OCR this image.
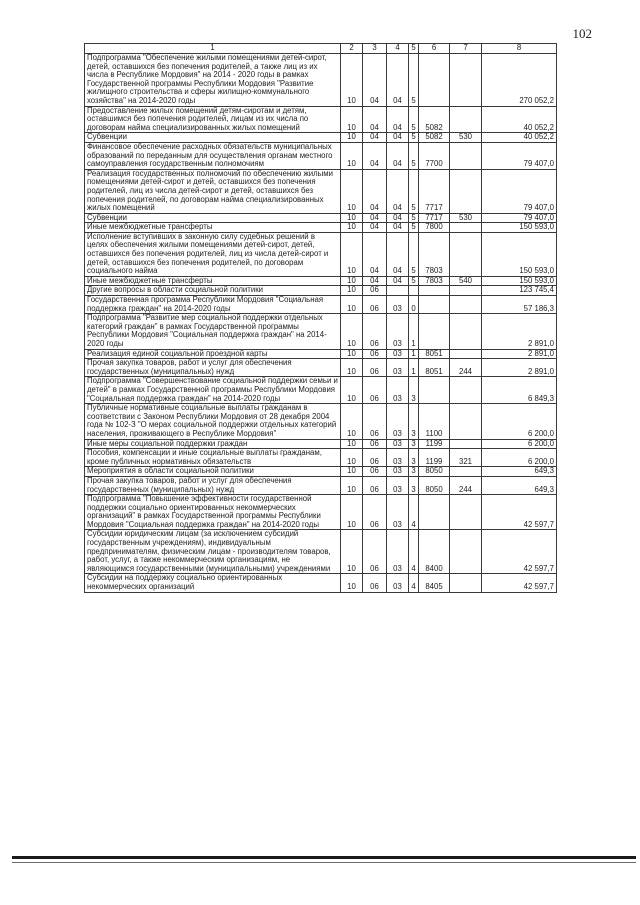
102
1	2	3	4	5	6	7	8
Подпрограмма "Обеспечение жилыми помещениями детей-сирот, детей, оставшихся без попечения родителей, а также лиц из их числа в Республике Мордовия" на 2014 - 2020 годы в рамках Государственной программы Республики Мордовия "Развитие жилищного строительства и сферы жилищно-коммунального хозяйства" на 2014-2020 годы	10	04	04	5			270 052,2
Предоставление жилых помещений детям-сиротам и детям, оставшимся без попечения родителей, лицам из их числа по договорам найма специализированных жилых помещений	10	04	04	5	5082		40 052,2
Субвенции	10	04	04	5	5082	530	40 052,2
Финансовое обеспечение расходных обязательств муниципальных образований по переданным для осуществления органам местного самоуправления государственным полномочиям	10	04	04	5	7700		79 407,0
Реализация государственных полномочий по обеспечению жилыми помещениями детей-сирот и детей, оставшихся без попечения родителей, лиц из числа детей-сирот и детей, оставшихся без попечения родителей, по договорам найма специализированных жилых помещений	10	04	04	5	7717		79 407,0
Субвенции	10	04	04	5	7717	530	79 407,0
Иные межбюджетные трансферты	10	04	04	5	7800		150 593,0
Исполнение вступивших в законную силу судебных решений в целях обеспечения жилыми помещениями детей-сирот, детей, оставшихся без попечения родителей, лиц из числа детей-сирот и детей, оставшихся без попечения родителей, по договорам социального найма	10	04	04	5	7803		150 593,0
Иные межбюджетные трансферты	10	04	04	5	7803	540	150 593,0
Другие вопросы в области социальной политики	10	06					123 745,4
Государственная программа Республики Мордовия "Социальная поддержка граждан" на 2014-2020 годы	10	06	03	0			57 186,3
Подпрограмма "Развитие мер социальной поддержки отдельных категорий граждан" в рамках Государственной программы Республики Мордовия "Социальная поддержка граждан" на 2014-2020 годы	10	06	03	1			2 891,0
Реализация единой социальной проездной карты	10	06	03	1	8051		2 891,0
Прочая закупка товаров, работ и услуг для обеспечения государственных (муниципальных) нужд	10	06	03	1	8051	244	2 891,0
Подпрограмма "Совершенствование социальной поддержки семьи и детей" в рамках Государственной программы Республики Мордовия "Социальная поддержка граждан" на 2014-2020 годы	10	06	03	3			6 849,3
Публичные нормативные социальные выплаты гражданам в соответствии с Законом Республики Мордовия от 28 декабря 2004 года № 102-З "О мерах социальной поддержки отдельных категорий населения, проживающего в Республике Мордовия"	10	06	03	3	1100		6 200,0
Иные меры социальной поддержки граждан	10	06	03	3	1199		6 200,0
Пособия, компенсации и иные социальные выплаты гражданам, кроме публичных нормативных обязательств	10	06	03	3	1199	321	6 200,0
Мероприятия в области социальной политики	10	06	03	3	8050		649,3
Прочая закупка товаров, работ и услуг для обеспечения государственных (муниципальных) нужд	10	06	03	3	8050	244	649,3
Подпрограмма "Повышение эффективности государственной поддержки социально ориентированных некоммерческих организаций" в рамках Государственной программы Республики Мордовия "Социальная поддержка граждан" на 2014-2020 годы	10	06	03	4			42 597,7
Субсидии юридическим лицам (за исключением субсидий государственным учреждениям), индивидуальным предпринимателям, физическим лицам - производителям товаров, работ, услуг, а также некоммерческим организациям, не являющимся государственными (муниципальными) учреждениями	10	06	03	4	8400		42 597,7
Субсидии на поддержку социально ориентированных некоммерческих организаций	10	06	03	4	8405		42 597,7
